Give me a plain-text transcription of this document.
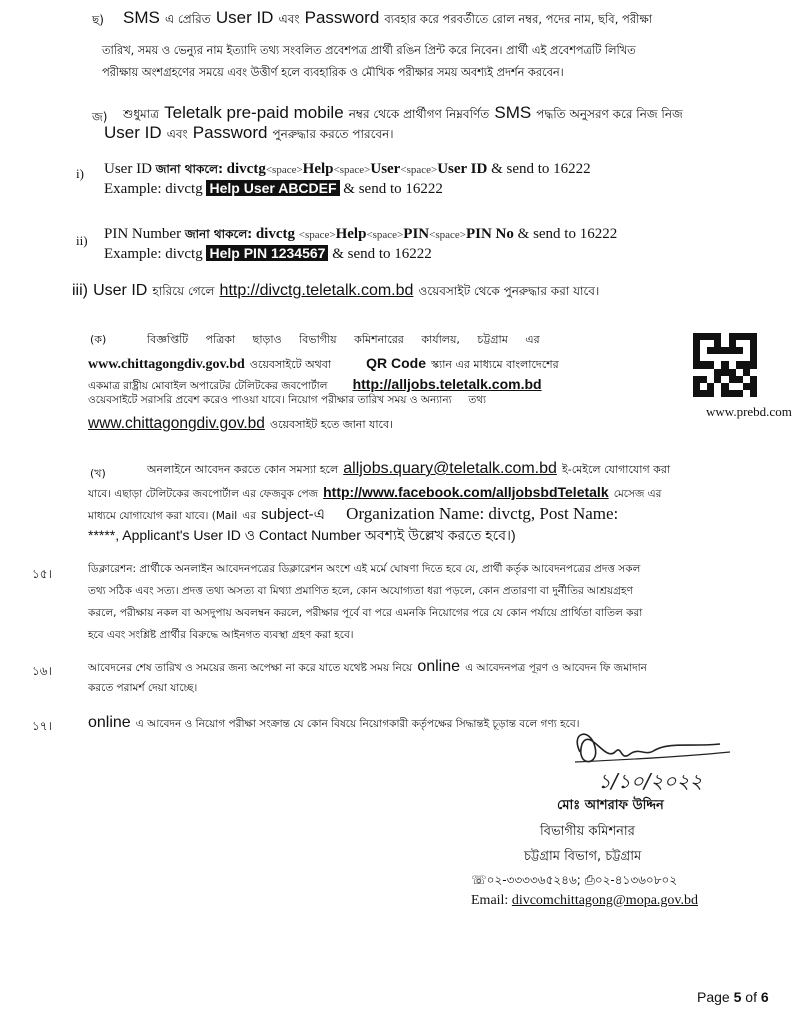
ছ) SMS এ প্রেরিত User ID এবং Password ব্যবহার করে পরবর্তীতে রোল নম্বর, পদের নাম, ছবি, পরীক্ষা
তারিখ, সময় ও ভেন্যুর নাম ইত্যাদি তথ্য সংবলিত প্রবেশপত্র প্রার্থী রঙিন প্রিন্ট করে নিবেন। প্রার্থী এই প্রবেশপত্রটি লিখিত
পরীক্ষায় অংশগ্রহণের সময়ে এবং উত্তীর্ণ হলে ব্যবহারিক ও মৌখিক পরীক্ষার সময় অবশ্যই প্রদর্শন করবেন।
জ) শুধুমাত্র Teletalk pre-paid mobile নম্বর থেকে প্রার্থীগণ নিম্নবর্ণিত SMS পদ্ধতি অনুসরণ করে নিজ নিজ
User ID এবং Password পুনরুদ্ধার করতে পারবেন।
i) User ID জানা থাকলে: divctg<space>Help<space>User<space>User ID & send to 16222
Example: divctg Help User ABCDEF & send to 16222
ii) PIN Number জানা থাকলে: divctg <space>Help<space>PIN<space>PIN No & send to 16222
Example: divctg Help PIN 1234567 & send to 16222
iii) User ID হারিয়ে গেলে http://divctg.teletalk.com.bd ওয়েবসাইট থেকে পুনরুদ্ধার করা যাবে।
(ক)	বিজ্ঞপ্তিটি     পত্রিকা     ছাড়াও     বিভাগীয়     কমিশনারের     কার্যালয়,     চট্টগ্রাম     এর
www.chittagongdiv.gov.bd ওয়েবসাইটে অথবা	QR Code স্ক্যান এর মাধ্যমে বাংলাদেশের
একমাত্র রাষ্ট্রীয় মোবাইল অপারেটর টেলিটকের জবপোর্টাল http://alljobs.teletalk.com.bd
ওয়েবসাইটে সরাসরি প্রবেশ করেও পাওয়া যাবে। নিয়োগ পরীক্ষার তারিখ সময় ও অন্যান্য     তথ্য
www.chittagongdiv.gov.bd ওয়েবসাইট হতে জানা যাবে।
www.prebd.com
(খ)	অনলাইনে আবেদন করতে কোন সমস্যা হলে alljobs.quary@teletalk.com.bd ই-মেইলে যোগাযোগ করা
যাবে। এছাড়া টেলিটকের জবপোর্টাল এর ফেজবুক পেজ http://www.facebook.com/alljobsbdTeletalk মেসেজ এর
মাধ্যমে যোগাযোগ করা যাবে। (Mail এর subject-এ Organization Name: divctg, Post Name:
*****, Applicant's User ID ও Contact Number অবশ্যই উল্লেখ করতে হবে।)
১৫।	ডিক্লারেশন: প্রার্থীকে অনলাইন আবেদনপত্রের ডিক্লারেশন অংশে এই মর্মে ঘোষণা দিতে হবে যে, প্রার্থী কর্তৃক আবেদনপত্রের প্রদত্ত সকল
তথ্য সঠিক এবং সত্য। প্রদত্ত তথ্য অসত্য বা মিথ্যা প্রমাণিত হলে, কোন অযোগ্যতা ধরা পড়লে, কোন প্রতারণা বা দুর্নীতির আশ্রয়গ্রহণ
করলে, পরীক্ষায় নকল বা অসদুপায় অবলম্বন করলে, পরীক্ষার পূর্বে বা পরে এমনকি নিয়োগের পরে যে কোন পর্যায়ে প্রার্থিতা বাতিল করা
হবে এবং সংশ্লিষ্ট প্রার্থীর বিরুদ্ধে আইনগত ব্যবস্থা গ্রহণ করা হবে।
১৬।	আবেদনের শেষ তারিখ ও সময়ের জন্য অপেক্ষা না করে যাতে যথেষ্ট সময় নিয়ে online এ আবেদনপত্র পূরণ ও আবেদন ফি জমাদান
করতে পরামর্শ দেয়া যাচ্ছে।
১৭। online এ আবেদন ও নিয়োগ পরীক্ষা সংক্রান্ত যে কোন বিষয়ে নিয়োগকারী কর্তৃপক্ষের সিদ্ধান্তই চূড়ান্ত বলে গণ্য হবে।
১/১০/২০২২
মোঃ আশরাফ উদ্দিন
বিভাগীয় কমিশনার
চট্টগ্রাম বিভাগ, চট্টগ্রাম
☏০২-৩৩৩৩৬৫২৪৬; ⎙০২-৪১৩৬০৮০২
Email: divcomchittagong@mopa.gov.bd
Page 5 of 6
